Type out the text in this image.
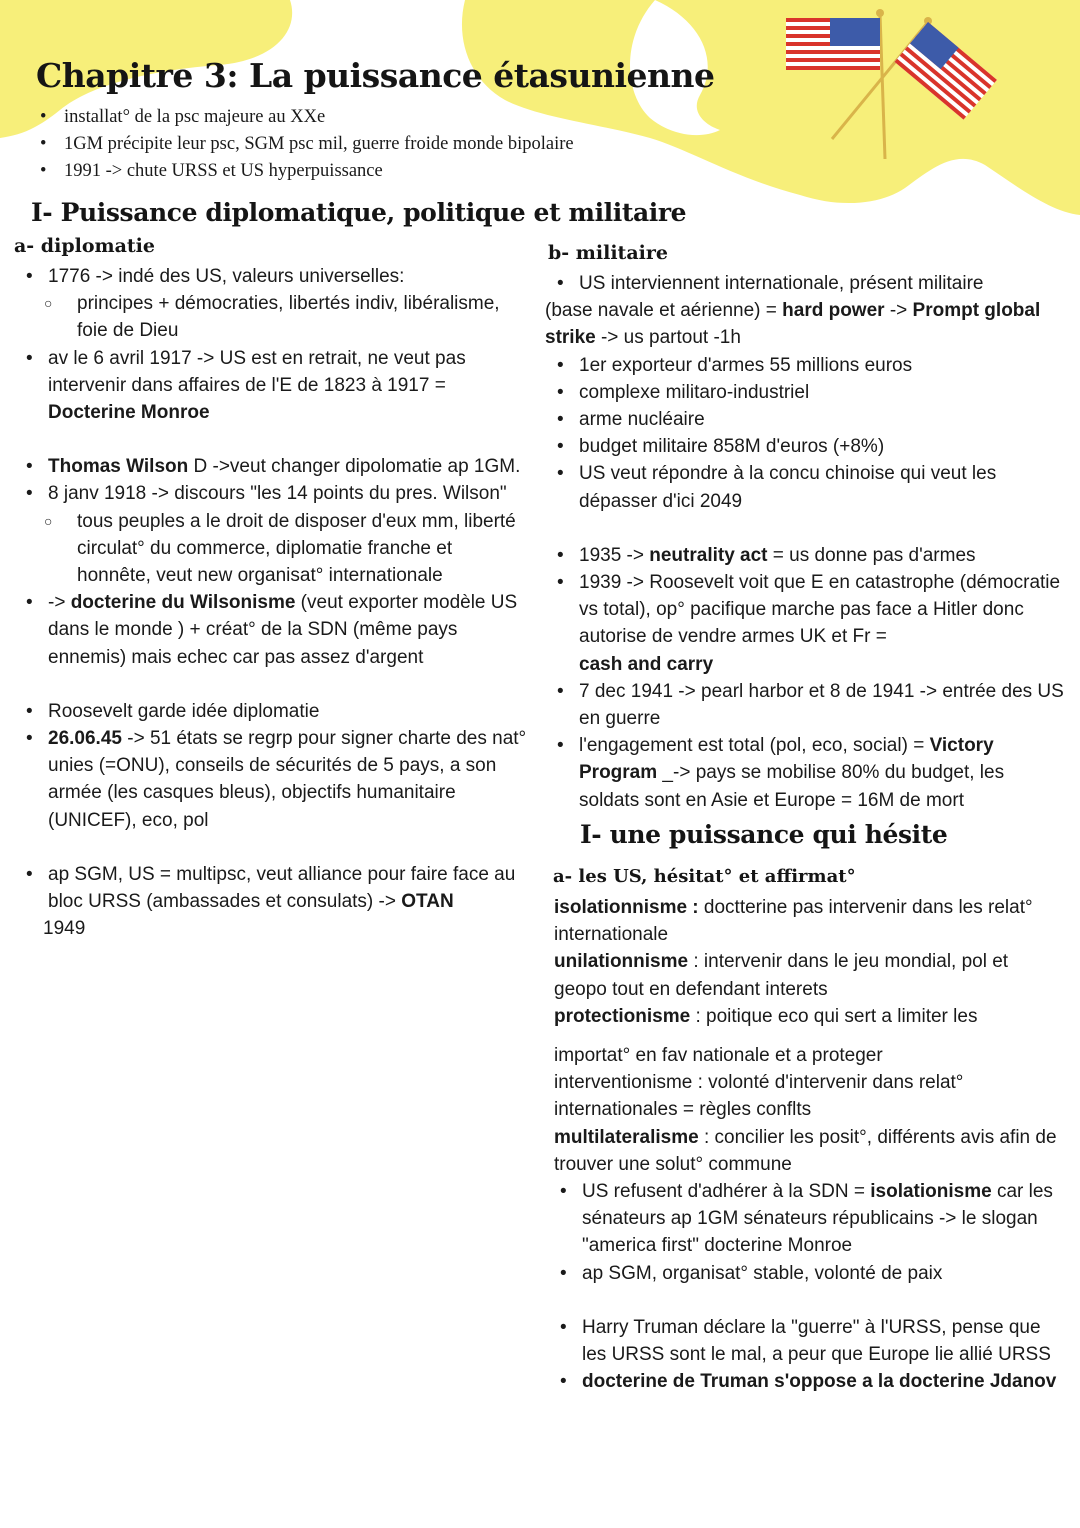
Chapitre 3: La puissance étasunienne
• installat° de la psc majeure au XXe
• 1GM précipite leur psc, SGM psc mil, guerre froide monde bipolaire
• 1991 -> chute URSS et US hyperpuissance
I- Puissance diplomatique, politique et militaire
a- diplomatie
• 1776 -> indé des US, valeurs universelles:
○ principes + démocraties, libertés indiv, libéralisme, foie de Dieu
• av le 6 avril 1917 -> US est en retrait, ne veut pas intervenir dans affaires de l'E de 1823 à 1917 =
Docterine Monroe
• Thomas Wilson D ->veut changer dipolomatie ap 1GM.
• 8 janv 1918 -> discours "les 14 points du pres. Wilson"
○ tous peuples a le droit de disposer d'eux mm, liberté circulat° du commerce, diplomatie franche et honnête, veut new organisat° internationale
• -> docterine du Wilsonisme (veut exporter modèle US dans le monde ) + créat° de la SDN (même pays ennemis) mais echec car pas assez d'argent
• Roosevelt garde idée diplomatie
• 26.06.45 -> 51 états se regrp pour signer charte des nat° unies (=ONU), conseils de sécurités de 5 pays, a son armée (les casques bleus), objectifs humanitaire (UNICEF), eco, pol
• ap SGM, US = multipsc, veut alliance pour faire face au bloc URSS (ambassades et consulats) -> OTAN
1949
b- militaire
• US interviennent internationale, présent militaire

(base navale et aérienne) = hard power -> Prompt global strike -> us partout -1h

• 1er exporteur d'armes 55 millions euros
• complexe militaro-industriel
• arme nucléaire
• budget militaire 858M d'euros (+8%)
• US veut répondre à la concu chinoise qui veut les dépasser d'ici 2049
• 1935 -> neutrality act = us donne pas d'armes
• 1939 -> Roosevelt voit que E en catastrophe (démocratie vs total), op° pacifique marche pas face a Hitler donc autorise de vendre armes UK et Fr =
cash and carry
• 7 dec 1941 -> pearl harbor et 8 de 1941 -> entrée des US en guerre
• l'engagement est total (pol, eco, social) = Victory Program _-> pays se mobilise 80% du budget, les soldats sont en Asie et Europe = 16M de mort
I- une puissance qui hésite
a- les US, hésitat° et affirmat°

isolationnisme : doctterine pas intervenir dans les relat° internationale

unilationnisme : intervenir dans le jeu mondial, pol et geopo tout en defendant interets

protectionisme : poitique eco qui sert a limiter les

importat° en fav nationale et a proteger interventionisme : volonté d'intervenir dans relat° internationales = règles conflts

multilateralisme : concilier les posit°, différents avis afin de trouver une solut° commune

• US refusent d'adhérer à la SDN = isolationisme car les sénateurs ap 1GM sénateurs républicains -> le slogan "america first" docterine Monroe
• ap SGM, organisat° stable, volonté de paix
• Harry Truman déclare la "guerre" à l'URSS, pense que les URSS sont le mal, a peur que Europe lie allié URSS
• docterine de Truman s'oppose a la docterine Jdanov
